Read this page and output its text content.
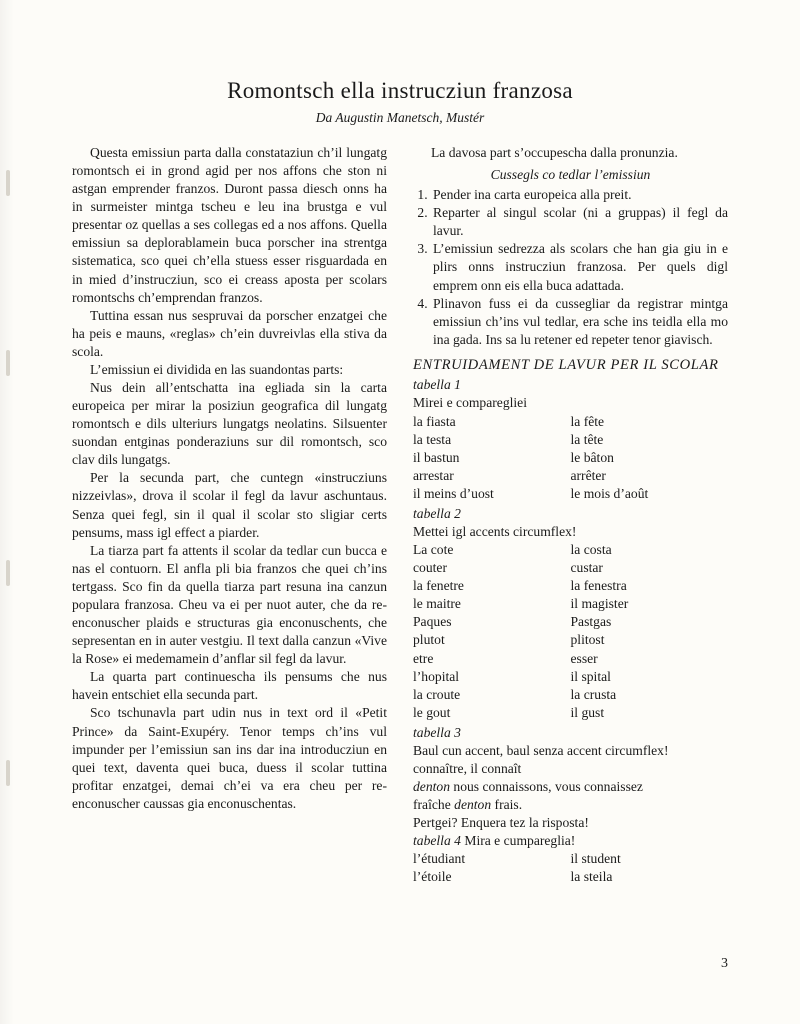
Romontsch ella instrucziun franzosa
Da Augustin Manetsch, Mustér

Questa emissiun parta dalla constataziun ch’il lungatg romontsch ei in grond agid per nos affons che ston ni astgan emprender franzos. Duront passa diesch onns ha in surmeister mintga tscheu e leu ina brustga e vul presentar oz quellas a ses collegas ed a nos affons. Quella emissiun sa deplorablamein buca porscher ina strentga sistematica, sco quei ch’ella stuess esser risguardada en in mied d’instrucziun, sco ei creass aposta per scolars romontschs ch’emprendan franzos.

Tuttina essan nus sespruvai da porscher enzatgei che ha peis e mauns, «reglas» ch’ein duvreivlas ella stiva da scola.

L’emissiun ei dividida en las suandontas parts:

Nus dein all’entschatta ina egliada sin la carta europeica per mirar la posiziun geografica dil lungatg romontsch e dils ulteriurs lungatgs neolatins. Silsuenter suondan entginas ponderaziuns sur dil romontsch, sco clav dils lungatgs.

Per la secunda part, che cuntegn «instrucziuns nizzeivlas», drova il scolar il fegl da lavur aschuntaus. Senza quei fegl, sin il qual il scolar sto sligiar certs pensums, mass igl effect a piarder.

La tiarza part fa attents il scolar da tedlar cun bucca e nas el contuorn. El anfla pli bia franzos che quei ch’ins tertgass. Sco fin da quella tiarza part resuna ina canzun populara franzosa. Cheu va ei per nuot auter, che da re-enconuscher plaids e structuras gia enconuschents, che sepresentan en in auter vestgiu. Il text dalla canzun «Vive la Rose» ei medemamein d’anflar sil fegl da lavur.

La quarta part continuescha ils pensums che nus havein entschiet ella secunda part.

Sco tschunavla part udin nus in text ord il «Petit Prince» da Saint-Exupéry. Tenor temps ch’ins vul impunder per l’emissiun san ins dar ina introducziun en quei text, daventa quei buca, duess il scolar tuttina profitar enzatgei, demai ch’ei va era cheu per re-enconuscher caussas gia enconuschentas.

La davosa part s’occupescha dalla pronunzia.

Cussegls co tedlar l’emissiun
1. Pender ina carta europeica alla preit.
2. Reparter al singul scolar (ni a gruppas) il fegl da lavur.
3. L’emissiun sedrezza als scolars che han gia giu in e plirs onns instrucziun franzosa. Per quels digl emprem onn eis ella buca adattada.
4. Plinavon fuss ei da cussegliar da registrar mintga emissiun ch’ins vul tedlar, era sche ins teidla ella mo ina gada. Ins sa lu retener ed repeter tenor giavisch.
ENTRUIDAMENT DE LAVUR PER IL SCOLAR
tabella 1
Mirei e comparegliei
la fiasta	la fête
la testa	la tête
il bastun	le bâton
arrestar	arrêter
il meins d’uost	le mois d’août
tabella 2
Mettei igl accents circumflex!
La cote	la costa
couter	custar
la fenetre	la fenestra
le maitre	il magister
Paques	Pastgas
plutot	plitost
etre	esser
l’hopital	il spital
la croute	la crusta
le gout	il gust
tabella 3
Baul cun accent, baul senza accent circumflex!
connaître, il connaît
denton nous connaissons, vous connaissez
fraîche denton frais.
Pertgei? Enquera tez la risposta!
tabella 4 Mira e cumpareglia!
l’étudiant	il student
l’étoile	la steila
3
